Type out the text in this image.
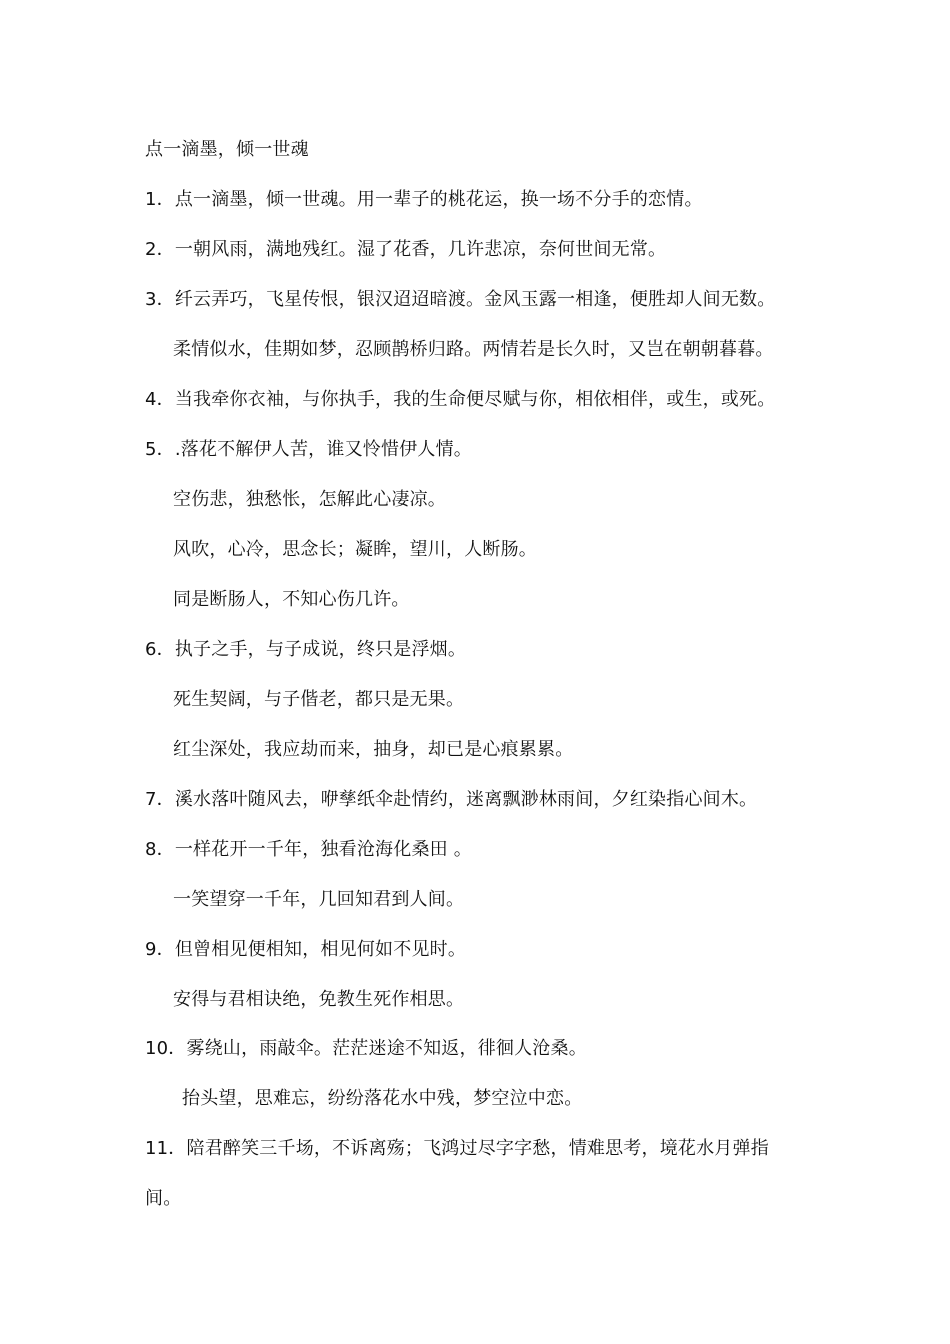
点一滴墨，倾一世魂
1．点一滴墨，倾一世魂。用一辈子的桃花运，换一场不分手的恋情。
2．一朝风雨，满地残红。湿了花香，几许悲凉，奈何世间无常。
3．纤云弄巧，飞星传恨，银汉迢迢暗渡。金风玉露一相逢，便胜却人间无数。
柔情似水，佳期如梦，忍顾鹊桥归路。两情若是长久时，又岂在朝朝暮暮。
4．当我牵你衣袖，与你执手，我的生命便尽赋与你，相依相伴，或生，或死。
5．.落花不解伊人苦，谁又怜惜伊人情。
空伤悲，独愁怅，怎解此心凄凉。
风吹，心冷，思念长；凝眸，望川，人断肠。
同是断肠人，不知心伤几许。
6．执子之手，与子成说，终只是浮烟。
死生契阔，与子偕老，都只是无果。
红尘深处，我应劫而来，抽身，却已是心痕累累。
7．溪水落叶随风去，咿孳纸伞赴情约，迷离飘渺林雨间，夕红染指心间木。
8．一样花开一千年，独看沧海化桑田 。
一笑望穿一千年，几回知君到人间。
9．但曾相见便相知，相见何如不见时。
安得与君相诀绝，免教生死作相思。
10．雾绕山，雨敲伞。茫茫迷途不知返，徘徊人沧桑。
抬头望，思难忘，纷纷落花水中残，梦空泣中恋。
11．陪君醉笑三千场，不诉离殇；飞鸿过尽字字愁，情难思考，境花水月弹指
间。
